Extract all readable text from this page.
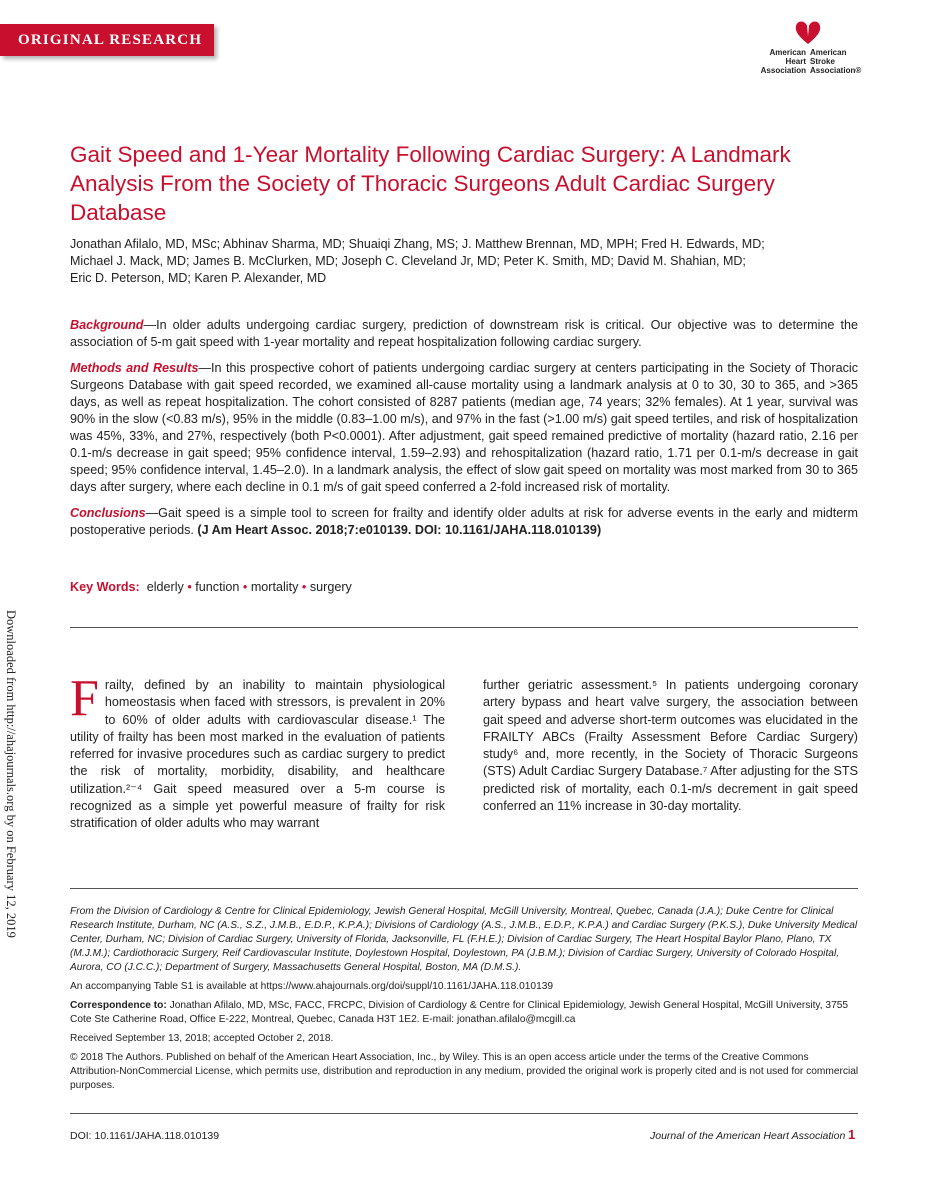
ORIGINAL RESEARCH
American Heart Association
American Stroke Association®
Gait Speed and 1-Year Mortality Following Cardiac Surgery: A Landmark Analysis From the Society of Thoracic Surgeons Adult Cardiac Surgery Database
Jonathan Afilalo, MD, MSc; Abhinav Sharma, MD; Shuaiqi Zhang, MS; J. Matthew Brennan, MD, MPH; Fred H. Edwards, MD;
Michael J. Mack, MD; James B. McClurken, MD; Joseph C. Cleveland Jr, MD; Peter K. Smith, MD; David M. Shahian, MD;
Eric D. Peterson, MD; Karen P. Alexander, MD

Background—In older adults undergoing cardiac surgery, prediction of downstream risk is critical. Our objective was to determine the association of 5-m gait speed with 1-year mortality and repeat hospitalization following cardiac surgery.

Methods and Results—In this prospective cohort of patients undergoing cardiac surgery at centers participating in the Society of Thoracic Surgeons Database with gait speed recorded, we examined all-cause mortality using a landmark analysis at 0 to 30, 30 to 365, and >365 days, as well as repeat hospitalization. The cohort consisted of 8287 patients (median age, 74 years; 32% females). At 1 year, survival was 90% in the slow (<0.83 m/s), 95% in the middle (0.83–1.00 m/s), and 97% in the fast (>1.00 m/s) gait speed tertiles, and risk of hospitalization was 45%, 33%, and 27%, respectively (both P<0.0001). After adjustment, gait speed remained predictive of mortality (hazard ratio, 2.16 per 0.1-m/s decrease in gait speed; 95% confidence interval, 1.59–2.93) and rehospitalization (hazard ratio, 1.71 per 0.1-m/s decrease in gait speed; 95% confidence interval, 1.45–2.0). In a landmark analysis, the effect of slow gait speed on mortality was most marked from 30 to 365 days after surgery, where each decline in 0.1 m/s of gait speed conferred a 2-fold increased risk of mortality.

Conclusions—Gait speed is a simple tool to screen for frailty and identify older adults at risk for adverse events in the early and midterm postoperative periods. (J Am Heart Assoc. 2018;7:e010139. DOI: 10.1161/JAHA.118.010139)

Key Words: elderly • function • mortality • surgery
Downloaded from http://ahajournals.org by on February 12, 2019 Frailty, defined by an inability to maintain physiological homeostasis when faced with stressors, is prevalent in 20% to 60% of older adults with cardiovascular disease.¹ The utility of frailty has been most marked in the evaluation of patients referred for invasive procedures such as cardiac surgery to predict the risk of mortality, morbidity, disability, and healthcare utilization.²⁻⁴ Gait speed measured over a 5-m course is recognized as a simple yet powerful measure of frailty for risk stratification of older adults who may warrant

further geriatric assessment.⁵ In patients undergoing coronary artery bypass and heart valve surgery, the association between gait speed and adverse short-term outcomes was elucidated in the FRAILTY ABCs (Frailty Assessment Before Cardiac Surgery) study⁶ and, more recently, in the Society of Thoracic Surgeons (STS) Adult Cardiac Surgery Database.⁷ After adjusting for the STS predicted risk of mortality, each 0.1-m/s decrement in gait speed conferred an 11% increase in 30-day mortality.

From the Division of Cardiology & Centre for Clinical Epidemiology, Jewish General Hospital, McGill University, Montreal, Quebec, Canada (J.A.); Duke Centre for Clinical Research Institute, Durham, NC (A.S., S.Z., J.M.B., E.D.P., K.P.A.); Divisions of Cardiology (A.S., J.M.B., E.D.P., K.P.A.) and Cardiac Surgery (P.K.S.), Duke University Medical Center, Durham, NC; Division of Cardiac Surgery, University of Florida, Jacksonville, FL (F.H.E.); Division of Cardiac Surgery, The Heart Hospital Baylor Plano, Plano, TX (M.J.M.); Cardiothoracic Surgery, Reif Cardiovascular Institute, Doylestown Hospital, Doylestown, PA (J.B.M.); Division of Cardiac Surgery, University of Colorado Hospital, Aurora, CO (J.C.C.); Department of Surgery, Massachusetts General Hospital, Boston, MA (D.M.S.).

An accompanying Table S1 is available at https://www.ahajournals.org/doi/suppl/10.1161/JAHA.118.010139

Correspondence to: Jonathan Afilalo, MD, MSc, FACC, FRCPC, Division of Cardiology & Centre for Clinical Epidemiology, Jewish General Hospital, McGill University, 3755 Cote Ste Catherine Road, Office E-222, Montreal, Quebec, Canada H3T 1E2. E-mail: jonathan.afilalo@mcgill.ca

Received September 13, 2018; accepted October 2, 2018.

© 2018 The Authors. Published on behalf of the American Heart Association, Inc., by Wiley. This is an open access article under the terms of the Creative Commons Attribution-NonCommercial License, which permits use, distribution and reproduction in any medium, provided the original work is properly cited and is not used for commercial purposes.

DOI: 10.1161/JAHA.118.010139	Journal of the American Heart Association 1
